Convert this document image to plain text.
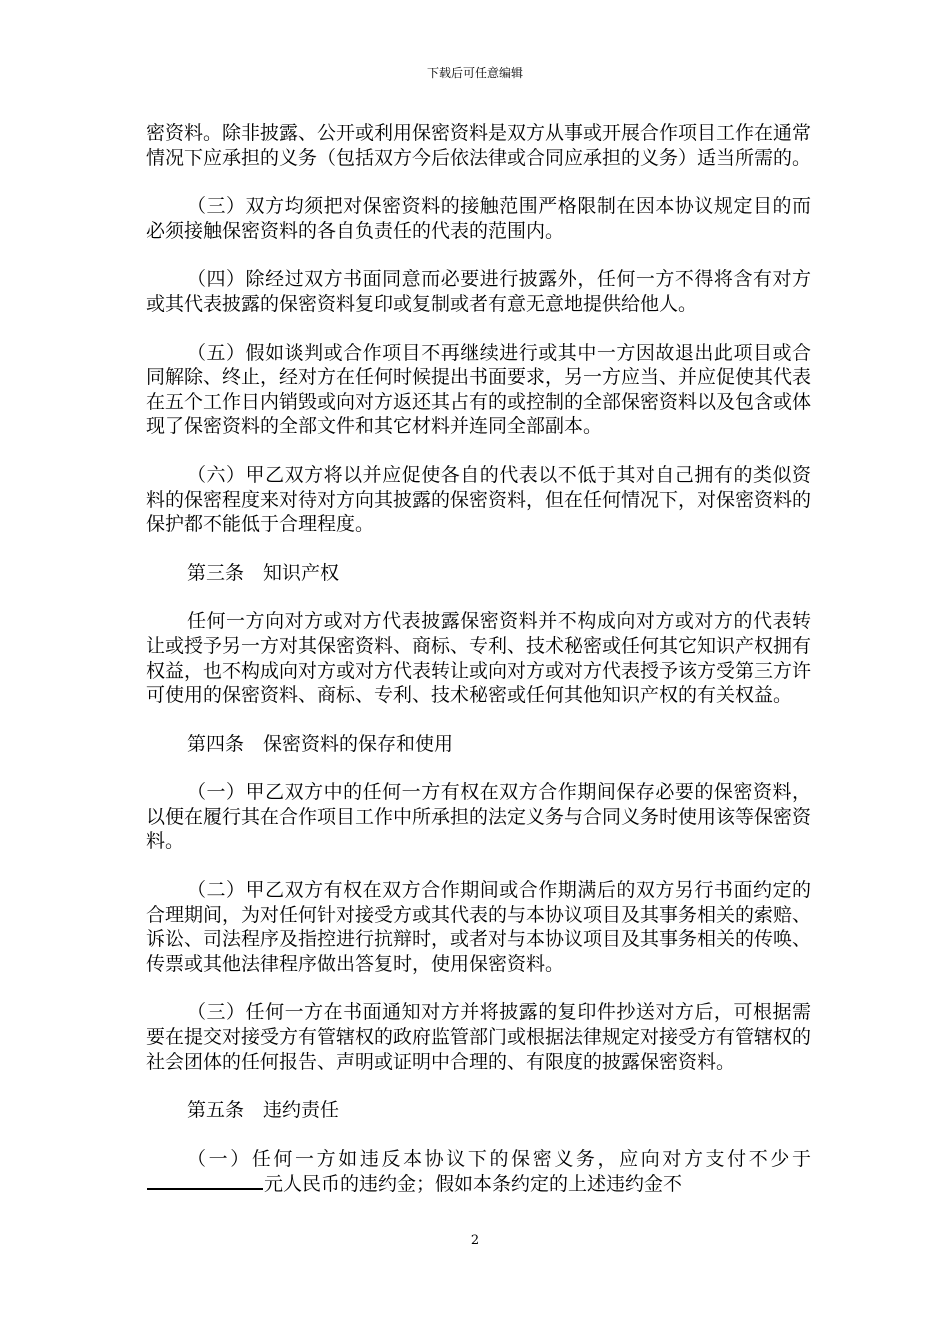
下载后可任意编辑

密资料。除非披露、公开或利用保密资料是双方从事或开展合作项目工作在通常情况下应承担的义务（包括双方今后依法律或合同应承担的义务）适当所需的。

（三）双方均须把对保密资料的接触范围严格限制在因本协议规定目的而必须接触保密资料的各自负责任的代表的范围内。

（四）除经过双方书面同意而必要进行披露外，任何一方不得将含有对方或其代表披露的保密资料复印或复制或者有意无意地提供给他人。

（五）假如谈判或合作项目不再继续进行或其中一方因故退出此项目或合同解除、终止，经对方在任何时候提出书面要求，另一方应当、并应促使其代表在五个工作日内销毁或向对方返还其占有的或控制的全部保密资料以及包含或体现了保密资料的全部文件和其它材料并连同全部副本。

（六）甲乙双方将以并应促使各自的代表以不低于其对自己拥有的类似资料的保密程度来对待对方向其披露的保密资料，但在任何情况下，对保密资料的保护都不能低于合理程度。

第三条　知识产权

任何一方向对方或对方代表披露保密资料并不构成向对方或对方的代表转让或授予另一方对其保密资料、商标、专利、技术秘密或任何其它知识产权拥有权益，也不构成向对方或对方代表转让或向对方或对方代表授予该方受第三方许可使用的保密资料、商标、专利、技术秘密或任何其他知识产权的有关权益。

第四条　保密资料的保存和使用

（一）甲乙双方中的任何一方有权在双方合作期间保存必要的保密资料，以便在履行其在合作项目工作中所承担的法定义务与合同义务时使用该等保密资料。

（二）甲乙双方有权在双方合作期间或合作期满后的双方另行书面约定的合理期间，为对任何针对接受方或其代表的与本协议项目及其事务相关的索赔、诉讼、司法程序及指控进行抗辩时，或者对与本协议项目及其事务相关的传唤、传票或其他法律程序做出答复时，使用保密资料。

（三）任何一方在书面通知对方并将披露的复印件抄送对方后，可根据需要在提交对接受方有管辖权的政府监管部门或根据法律规定对接受方有管辖权的社会团体的任何报告、声明或证明中合理的、有限度的披露保密资料。

第五条　违约责任

（一）任何一方如违反本协议下的保密义务，应向对方支付不少于元人民币的违约金；假如本条约定的上述违约金不

2
